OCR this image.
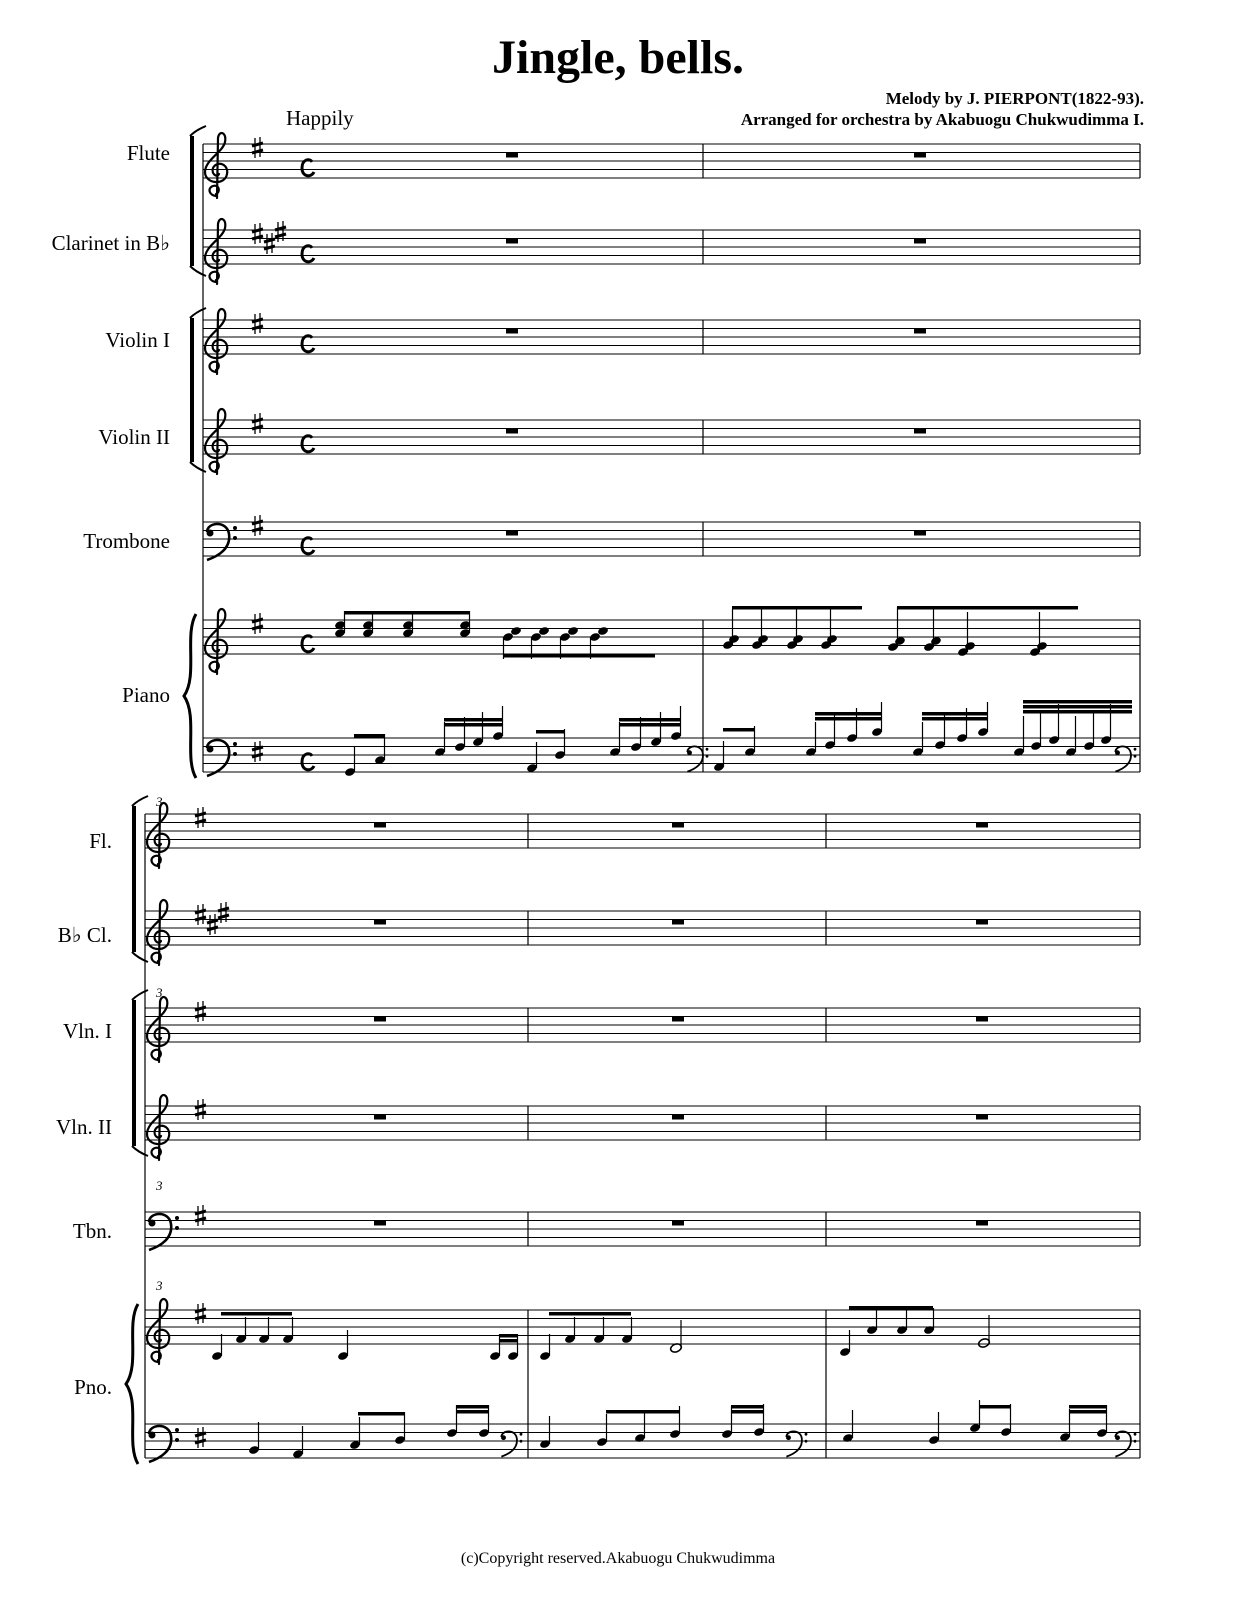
Jingle, bells.
Melody by J. PIERPONT(1822-93).
Arranged for orchestra by Akabuogu Chukwudimma I.
Happily
Flute
Clarinet in B♭
Violin I
Violin II
Trombone
Piano
Fl.
B♭ Cl.
Vln. I
Vln. II
Tbn.
Pno.
3
3
3
3
(c)Copyright reserved.Akabuogu Chukwudimma
